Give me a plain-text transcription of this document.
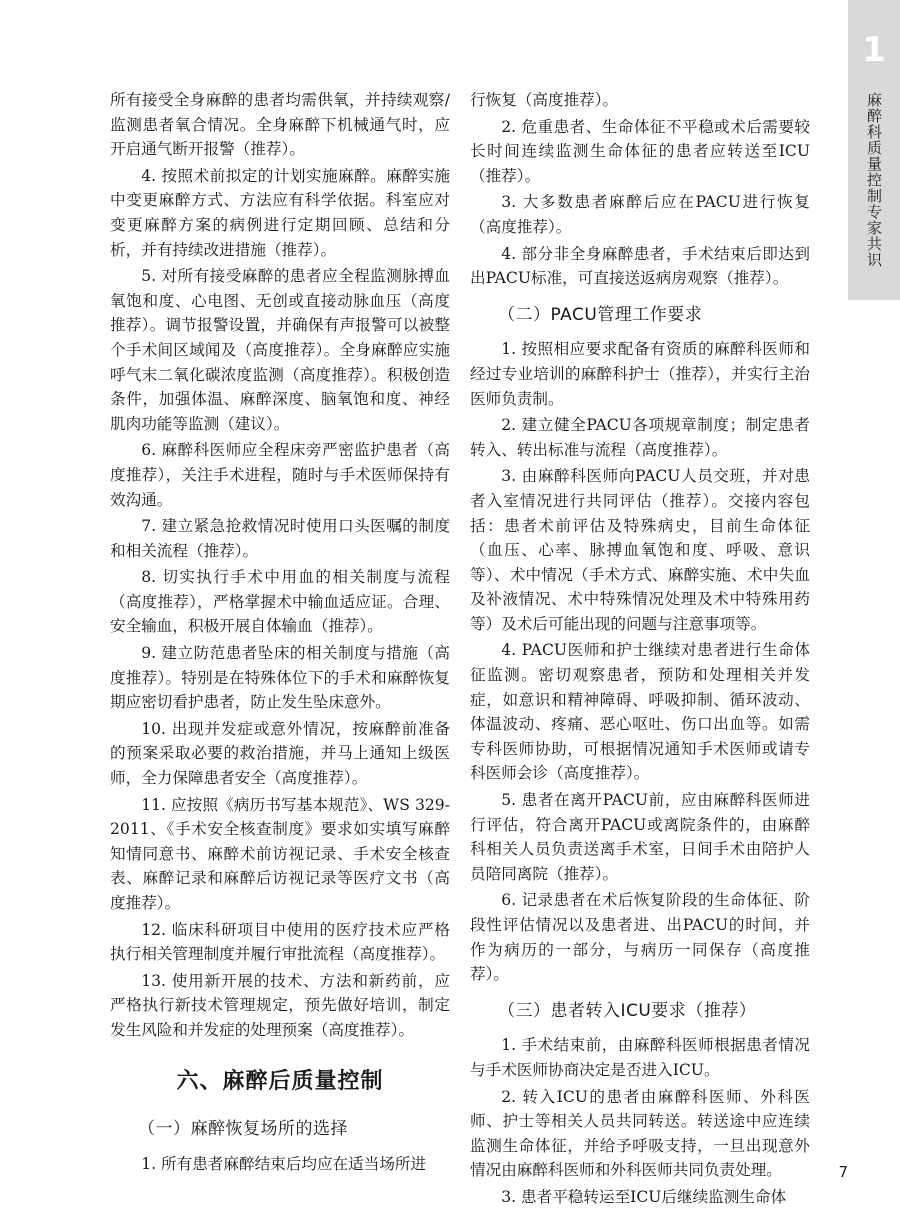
1
麻醉科质量控制专家共识

所有接受全身麻醉的患者均需供氧，并持续观察/监测患者氧合情况。全身麻醉下机械通气时，应开启通气断开报警（推荐）。

4. 按照术前拟定的计划实施麻醉。麻醉实施中变更麻醉方式、方法应有科学依据。科室应对变更麻醉方案的病例进行定期回顾、总结和分析，并有持续改进措施（推荐）。

5. 对所有接受麻醉的患者应全程监测脉搏血氧饱和度、心电图、无创或直接动脉血压（高度推荐）。调节报警设置，并确保有声报警可以被整个手术间区域闻及（高度推荐）。全身麻醉应实施呼气末二氧化碳浓度监测（高度推荐）。积极创造条件，加强体温、麻醉深度、脑氧饱和度、神经肌肉功能等监测（建议）。

6. 麻醉科医师应全程床旁严密监护患者（高度推荐），关注手术进程，随时与手术医师保持有效沟通。

7. 建立紧急抢救情况时使用口头医嘱的制度和相关流程（推荐）。

8. 切实执行手术中用血的相关制度与流程（高度推荐），严格掌握术中输血适应证。合理、安全输血，积极开展自体输血（推荐）。

9. 建立防范患者坠床的相关制度与措施（高度推荐）。特别是在特殊体位下的手术和麻醉恢复期应密切看护患者，防止发生坠床意外。

10. 出现并发症或意外情况，按麻醉前准备的预案采取必要的救治措施，并马上通知上级医师，全力保障患者安全（高度推荐）。

11. 应按照《病历书写基本规范》、WS 329-2011、《手术安全核查制度》要求如实填写麻醉知情同意书、麻醉术前访视记录、手术安全核查表、麻醉记录和麻醉后访视记录等医疗文书（高度推荐）。

12. 临床科研项目中使用的医疗技术应严格执行相关管理制度并履行审批流程（高度推荐）。

13. 使用新开展的技术、方法和新药前，应严格执行新技术管理规定，预先做好培训，制定发生风险和并发症的处理预案（高度推荐）。

六、麻醉后质量控制
（一）麻醉恢复场所的选择

1. 所有患者麻醉结束后均应在适当场所进

行恢复（高度推荐）。

2. 危重患者、生命体征不平稳或术后需要较长时间连续监测生命体征的患者应转送至ICU（推荐）。

3. 大多数患者麻醉后应在PACU进行恢复（高度推荐）。

4. 部分非全身麻醉患者，手术结束后即达到出PACU标准，可直接送返病房观察（推荐）。

（二）PACU管理工作要求

1. 按照相应要求配备有资质的麻醉科医师和经过专业培训的麻醉科护士（推荐），并实行主治医师负责制。

2. 建立健全PACU各项规章制度；制定患者转入、转出标准与流程（高度推荐）。

3. 由麻醉科医师向PACU人员交班，并对患者入室情况进行共同评估（推荐）。交接内容包括：患者术前评估及特殊病史，目前生命体征（血压、心率、脉搏血氧饱和度、呼吸、意识等）、术中情况（手术方式、麻醉实施、术中失血及补液情况、术中特殊情况处理及术中特殊用药等）及术后可能出现的问题与注意事项等。

4. PACU医师和护士继续对患者进行生命体征监测。密切观察患者，预防和处理相关并发症，如意识和精神障碍、呼吸抑制、循环波动、体温波动、疼痛、恶心呕吐、伤口出血等。如需专科医师协助，可根据情况通知手术医师或请专科医师会诊（高度推荐）。

5. 患者在离开PACU前，应由麻醉科医师进行评估，符合离开PACU或离院条件的，由麻醉科相关人员负责送离手术室，日间手术由陪护人员陪同离院（推荐）。

6. 记录患者在术后恢复阶段的生命体征、阶段性评估情况以及患者进、出PACU的时间，并作为病历的一部分，与病历一同保存（高度推荐）。

（三）患者转入ICU要求（推荐）

1. 手术结束前，由麻醉科医师根据患者情况与手术医师协商决定是否进入ICU。

2. 转入ICU的患者由麻醉科医师、外科医师、护士等相关人员共同转送。转送途中应连续监测生命体征，并给予呼吸支持，一旦出现意外情况由麻醉科医师和外科医师共同负责处理。

3. 患者平稳转运至ICU后继续监测生命体

7
